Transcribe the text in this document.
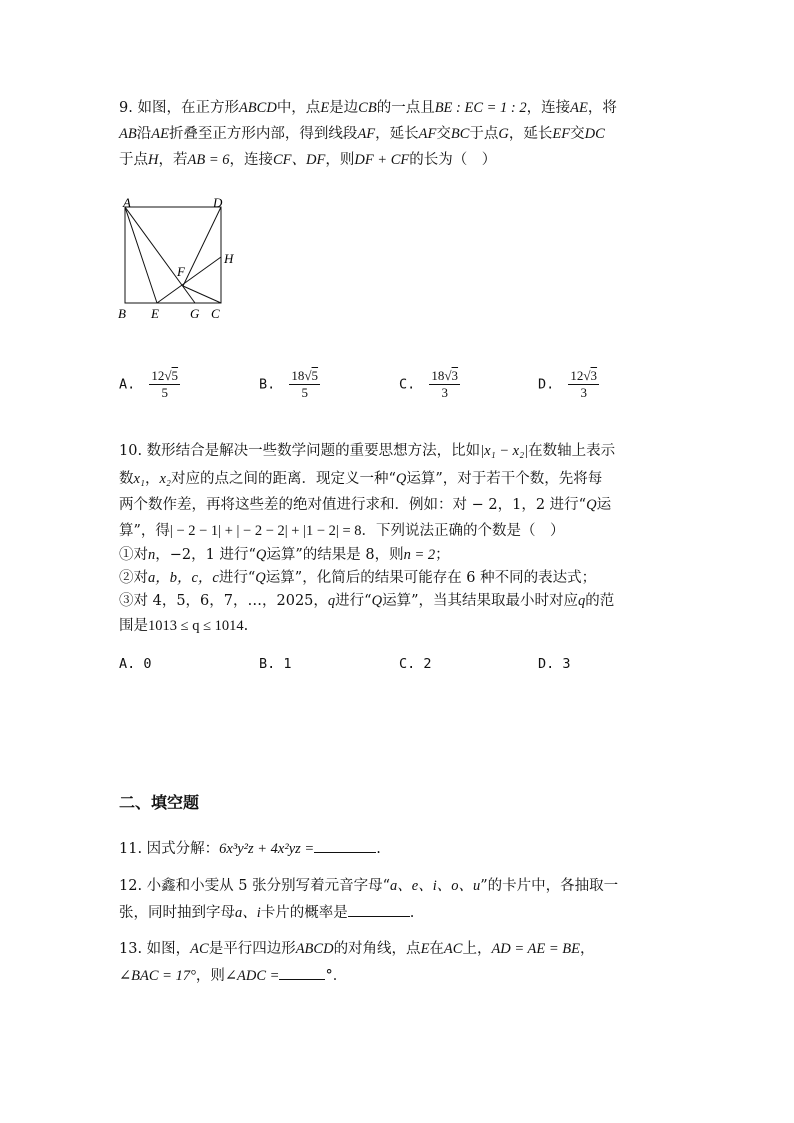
9. 如图，在正方形ABCD中，点E是边CB的一点且BE : EC = 1 : 2，连接AE，将
AB沿AE折叠至正方形内部，得到线段AF，延长AF交BC于点G，延长EF交DC
于点H，若AB = 6，连接CF、DF，则DF + CF的长为（　）
A	D
H
F
B E G C
A. $\frac{12√5}{5}$	B. $\frac{18√5}{5}$	C. $\frac{18√3}{3}$	D. $\frac{12√3}{3}$
10. 数形结合是解决一些数学问题的重要思想方法，比如|x₁ − x₂|在数轴上表示
数x₁，x₂对应的点之间的距离．现定义一种“Q运算”，对于若干个数，先将每
两个数作差，再将这些差的绝对值进行求和．例如：对 − 2，1，2 进行“Q运
算”，得| − 2 − 1| + | − 2 − 2| + |1 − 2| = 8．下列说法正确的个数是（　）
①对n，−2，1 进行“Q运算”的结果是 8，则n = 2；
②对a，b，c，c进行“Q运算”，化简后的结果可能存在 6 种不同的表达式；
③对 4，5，6，7，…，2025，q进行“Q运算”，当其结果取最小时对应q的范
围是1013 ≤ q ≤ 1014.
A. 0	B. 1	C. 2	D. 3
二、填空题
11. 因式分解：6x³y²z + 4x²yz =	.
12. 小鑫和小雯从 5 张分别写着元音字母“a、e、i、o、u”的卡片中，各抽取一
张，同时抽到字母a、i卡片的概率是	.
13. 如图，AC是平行四边形ABCD的对角线，点E在AC上，AD = AE = BE，
∠BAC = 17°，则∠ADC =	°．
